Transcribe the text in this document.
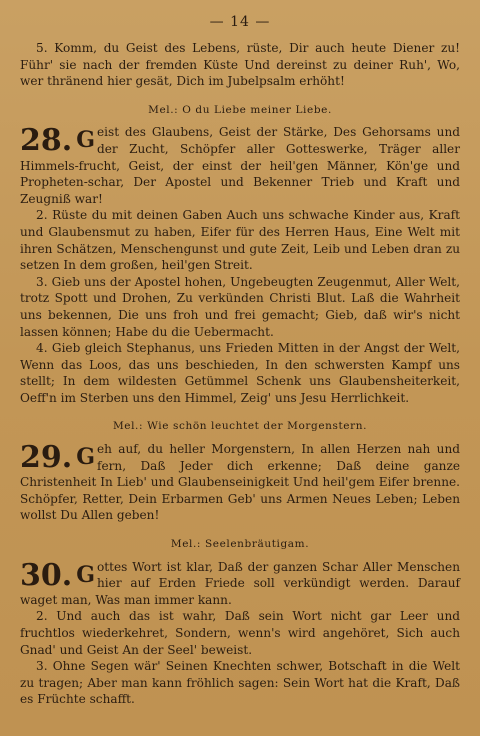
— 14 —

5. Komm, du Geist des Lebens, rüste, Dir auch heute Diener zu! Führ' sie nach der fremden Küste Und dereinst zu deiner Ruh', Wo, wer thränend hier gesät, Dich im Jubelpsalm erhöht!

Mel.: O du Liebe meiner Liebe.

28. G eist des Glaubens, Geist der Stärke, Des Gehorsams und der Zucht, Schöpfer aller Gotteswerke, Träger aller Himmels-frucht, Geist, der einst der heil'gen Männer, Kön'ge und Propheten-schar, Der Apostel und Bekenner Trieb und Kraft und Zeugniß war!

2. Rüste du mit deinen Gaben Auch uns schwache Kinder aus, Kraft und Glaubensmut zu haben, Eifer für des Herren Haus, Eine Welt mit ihren Schätzen, Menschengunst und gute Zeit, Leib und Leben dran zu setzen In dem großen, heil'gen Streit.

3. Gieb uns der Apostel hohen, Ungebeugten Zeugenmut, Aller Welt, trotz Spott und Drohen, Zu verkünden Christi Blut. Laß die Wahrheit uns bekennen, Die uns froh und frei gemacht; Gieb, daß wir's nicht lassen können; Habe du die Uebermacht.

4. Gieb gleich Stephanus, uns Frieden Mitten in der Angst der Welt, Wenn das Loos, das uns beschieden, In den schwersten Kampf uns stellt; In dem wildesten Getümmel Schenk uns Glaubensheiterkeit, Oeff'n im Sterben uns den Himmel, Zeig' uns Jesu Herrlichkeit.

Mel.: Wie schön leuchtet der Morgenstern.

29. G eh auf, du heller Morgenstern, In allen Herzen nah und fern, Daß Jeder dich erkenne; Daß deine ganze Christenheit In Lieb' und Glaubenseinigkeit Und heil'gem Eifer brenne. Schöpfer, Retter, Dein Erbarmen Geb' uns Armen Neues Leben; Leben wollst Du Allen geben!

Mel.: Seelenbräutigam.

30. G ottes Wort ist klar, Daß der ganzen Schar Aller Menschen hier auf Erden Friede soll verkündigt werden. Darauf waget man, Was man immer kann.

2. Und auch das ist wahr, Daß sein Wort nicht gar Leer und fruchtlos wiederkehret, Sondern, wenn's wird angehöret, Sich auch Gnad' und Geist An der Seel' beweist.

3. Ohne Segen wär' Seinen Knechten schwer, Botschaft in die Welt zu tragen; Aber man kann fröhlich sagen: Sein Wort hat die Kraft, Daß es Früchte schafft.
